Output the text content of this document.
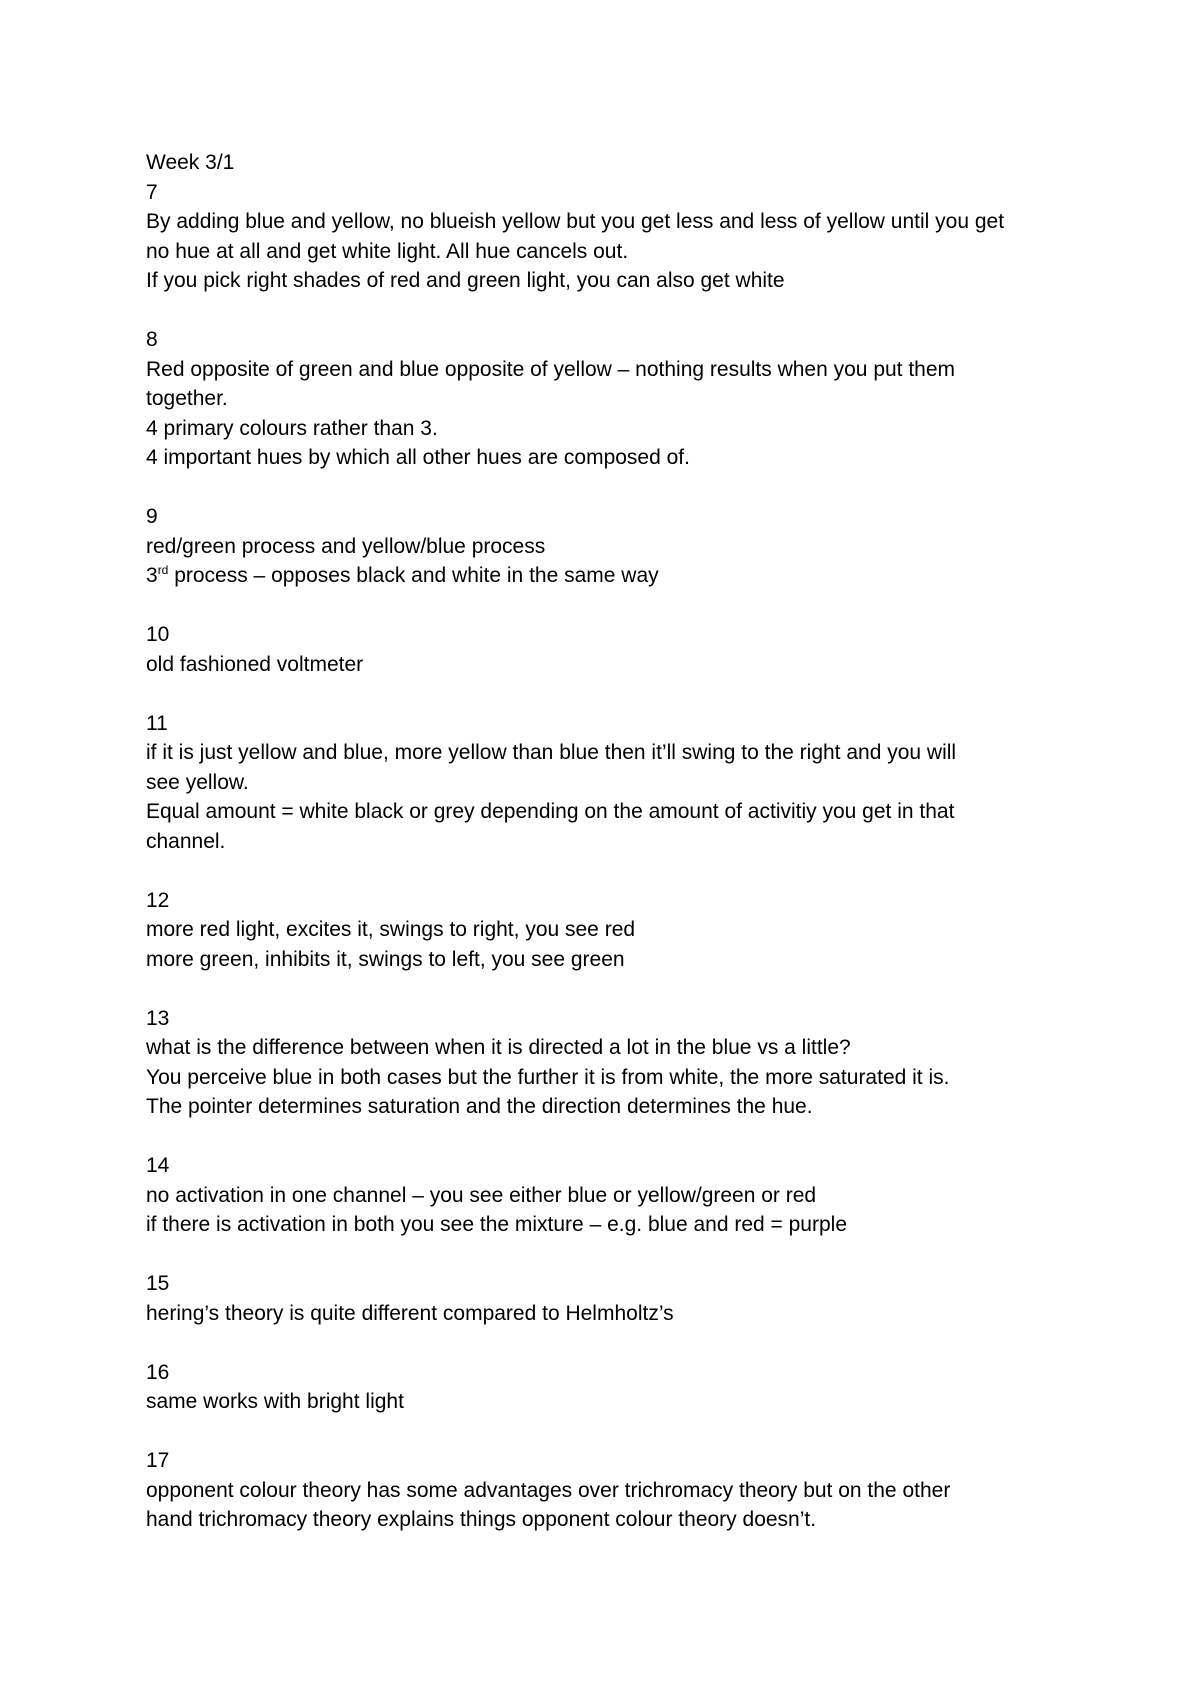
Week 3/1
7
By adding blue and yellow, no blueish yellow but you get less and less of yellow until you get
no hue at all and get white light. All hue cancels out.
If you pick right shades of red and green light, you can also get white
8
Red opposite of green and blue opposite of yellow – nothing results when you put them
together.
4 primary colours rather than 3.
4 important hues by which all other hues are composed of.
9
red/green process and yellow/blue process
3rd process – opposes black and white in the same way
10
old fashioned voltmeter
11
if it is just yellow and blue, more yellow than blue then it’ll swing to the right and you will
see yellow.
Equal amount = white black or grey depending on the amount of activitiy you get in that
channel.
12
more red light, excites it, swings to right, you see red
more green, inhibits it, swings to left, you see green
13
what is the difference between when it is directed a lot in the blue vs a little?
You perceive blue in both cases but the further it is from white, the more saturated it is.
The pointer determines saturation and the direction determines the hue.
14
no activation in one channel – you see either blue or yellow/green or red
if there is activation in both you see the mixture – e.g. blue and red = purple
15
hering’s theory is quite different compared to Helmholtz’s
16
same works with bright light
17
opponent colour theory has some advantages over trichromacy theory but on the other
hand trichromacy theory explains things opponent colour theory doesn’t.
